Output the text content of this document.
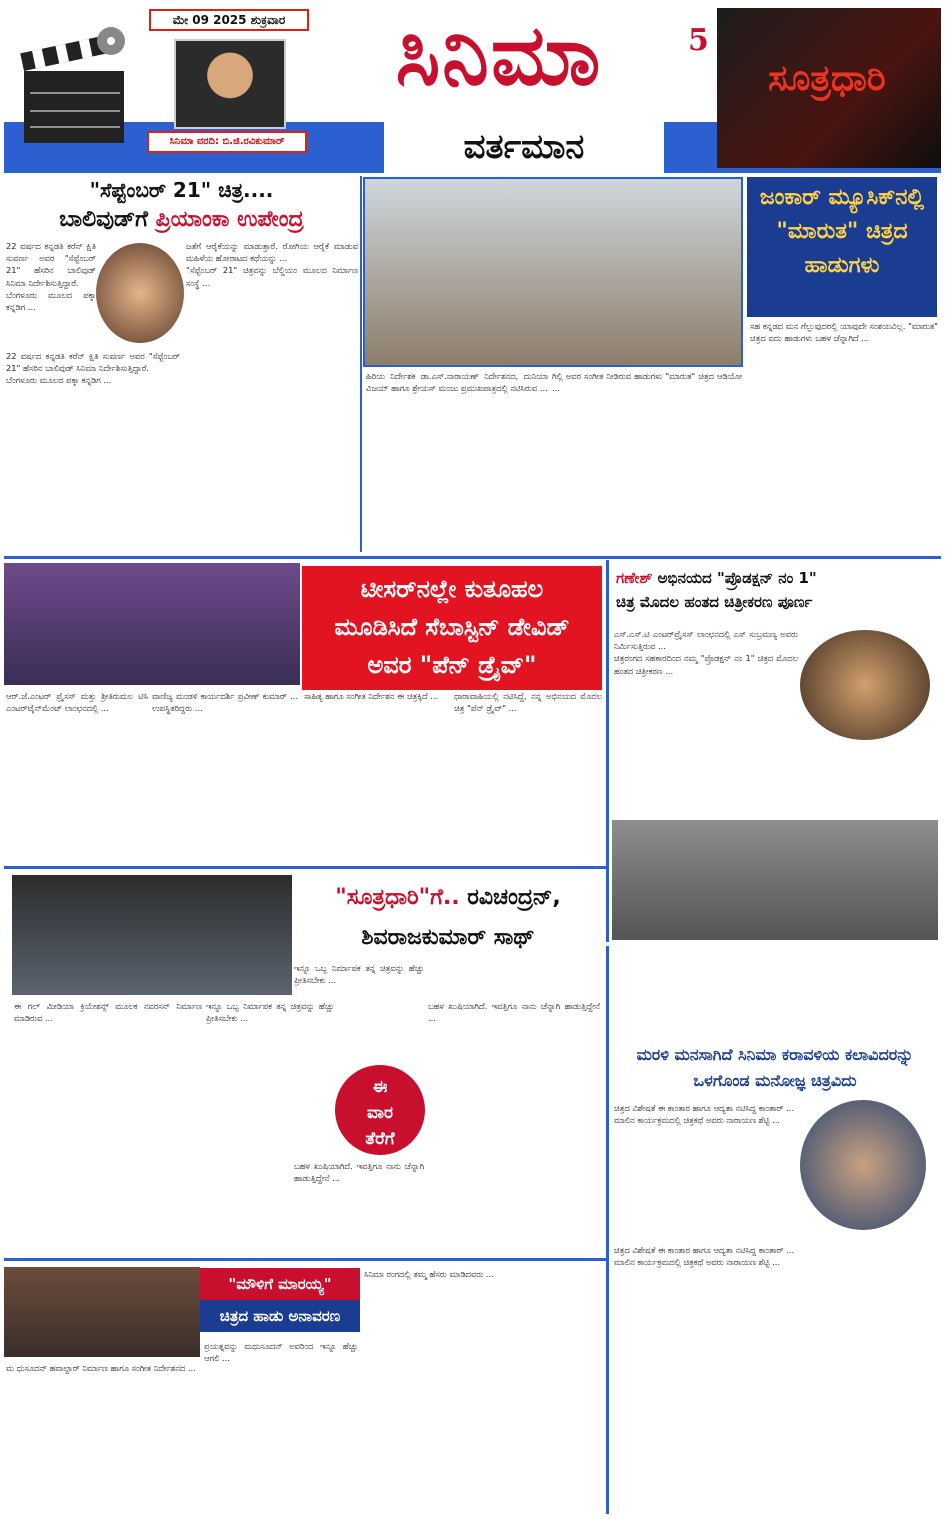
ಮೇ 09 2025 ಶುಕ್ರವಾರ
ಸಿನಿಮಾ ವರದಿ: ಬಿ.ಜಿ.ರವಿಕುಮಾರ್
ಸಿನಿಮಾ	5
ವರ್ತಮಾನ
ಸೂತ್ರಧಾರಿ
"ಸೆಪ್ಟೆಂಬರ್ 21" ಚಿತ್ರ....
ಬಾಲಿವುಡ್‌ಗೆ ಪ್ರಿಯಾಂಕಾ ಉಪೇಂದ್ರ
22 ವರ್ಷದ ಕನ್ನಡತಿ ಕರೆನ್ ಕ್ಷಿತಿ ಸುವರ್ಣ ಅವರ "ಸೆಪ್ಟೆಂಬರ್ 21" ಹೆಸರಿನ ಬಾಲಿವುಡ್ ಸಿನಿಮಾ ನಿರ್ದೇಶಿಸುತ್ತಿದ್ದಾರೆ.
ಬೆಂಗಳೂರು ಮೂಲದ ಪಕ್ಕಾ ಕನ್ನಡಿಗ ...
22 ವರ್ಷದ ಕನ್ನಡತಿ ಕರೆನ್ ಕ್ಷಿತಿ ಸುವರ್ಣ ಅವರ "ಸೆಪ್ಟೆಂಬರ್ 21" ಹೆಸರಿನ ಬಾಲಿವುಡ್ ಸಿನಿಮಾ ನಿರ್ದೇಶಿಸುತ್ತಿದ್ದಾರೆ.
ಬೆಂಗಳೂರು ಮೂಲದ ಪಕ್ಕಾ ಕನ್ನಡಿಗ ...
ಜತೆಗೆ ಆರೈಕೆಯನ್ನು ಮಾಡುತ್ತಾರೆ. ರೋಗಿಯ ಆರೈಕೆ ಮಾಡುವ ಮಹಿಳೆಯ ಹೋರಾಟದ ಕಥೆಯನ್ನು ...
"ಸೆಪ್ಟೆಂಬರ್ 21" ಚಿತ್ರವನ್ನು ಬೆಲ್ಜಿಯಂ ಮೂಲದ ನಿರ್ಮಾಣ ಸಂಸ್ಥೆ ...
ಜಂಕಾರ್ ಮ್ಯೂಸಿಕ್‌ನಲ್ಲಿ "ಮಾರುತ" ಚಿತ್ರದ ಹಾಡುಗಳು
ಹಿರಿಯ ನಿರ್ದೇಶಕ ಡಾ.ಎಸ್.ನಾರಾಯಣ್ ನಿರ್ದೇಶನದ, ದುನಿಯಾ ವಿಜಯ್ ಹಾಗೂ ಶ್ರೇಯಸ್ ಮಂಜು ಪ್ರಮುಖಪಾತ್ರದಲ್ಲಿ ನಟಿಸಿರುವ ...
ಗಿಲ್ಲಿ ಅವರ ಸಂಗೀತ ನೀಡಿರುವ ಹಾಡುಗಳು "ಮಾರುತ" ಚಿತ್ರದ ಆಡಿಯೋ ...
ಸಹ ಕನ್ನಡದ ಮನ ಗೆಲ್ಲುವುದರಲ್ಲಿ ಯಾವುದೇ ಸಂಶಯವಿಲ್ಲ. "ಮಾರುತ" ಚಿತ್ರದ ಐದು ಹಾಡುಗಳು ಬಹಳ ಚೆನ್ನಾಗಿದೆ ...
ಟೀಸರ್‌ನಲ್ಲೇ ಕುತೂಹಲ
ಮೂಡಿಸಿದೆ ಸೆಬಾಸ್ಟಿನ್ ಡೇವಿಡ್
ಅವರ "ಪೆನ್ ಡ್ರೈವ್"
ಆರ್.ಜೆ.ಎಂಟರ್ ಪ್ರೈಸಸ್ ಮತ್ತು ಶ್ರೀತಿರುಮಲ ಟಿಸಿ ಎಂಟರ್‌ಟೈನ್‌ಮೆಂಟ್ ಲಾಂಛನದಲ್ಲಿ ...
ವಾಣಿಜ್ಯ ಮಂಡಳಿ ಕಾರ್ಯದರ್ಶಿ ಪ್ರವೀಣ್ ಕುಮಾರ್ ... ಉಪಸ್ಥಿತರಿದ್ದರು ...
ಸಾಹಿತ್ಯ ಹಾಗೂ ಸಂಗೀತ ನಿರ್ದೇಶನ ಈ ಚಿತ್ರಕ್ಕಿದೆ ...	ಧಾರಾವಾಹಿಯಲ್ಲಿ ನಟಿಸಿದ್ದೆ, ನನ್ನ ಅಭಿನಯದ ಮೊದಲ ಚಿತ್ರ "ಪೆನ್ ಡ್ರೈವ್" ...
ಗಣೇಶ್ ಅಭಿನಯದ "ಪ್ರೊಡಕ್ಷನ್ ನಂ 1"
ಚಿತ್ರ ಮೊದಲ ಹಂತದ ಚಿತ್ರೀಕರಣ ಪೂರ್ಣ
ಎಸ್.ಎಸ್.ಟಿ ಎಂಟರ್‌ಪ್ರೈಸಸ್ ಲಾಂಛನದಲ್ಲಿ ಎಸ್ ಸುಬ್ರಮಣ್ಯ ಅವರು ನಿರ್ಮಿಸುತ್ತಿರುವ ...
ಚಿತ್ರರಂಗದ ಸಹಕಾರದಿಂದ ನಮ್ಮ "ಪ್ರೊಡಕ್ಷನ್ ನಂ 1" ಚಿತ್ರದ ಮೊದಲ ಹಂತದ ಚಿತ್ರೀಕರಣ ...
"ಸೂತ್ರಧಾರಿ"ಗೆ.. ರವಿಚಂದ್ರನ್,
ಶಿವರಾಜಕುಮಾರ್ ಸಾಥ್
ಈ ಗಲ್ ಮೀಡಿಯಾ ಕ್ರಿಯೇಶನ್ಸ್ ಮೂಲಕ ನವರಸನ್ ನಿರ್ಮಾಣ ಮಾಡಿರುವ ...
ಇನ್ನೂ ಒಬ್ಬ ನಿರ್ಮಾಪಕ ತನ್ನ ಚಿತ್ರವನ್ನು ಹೆಚ್ಚು ಪ್ರೀತಿಸಬೇಕು ...
ಬಹಳ ಖುಷಿಯಾಗಿದೆ. ಇವತ್ತಿಗೂ ನಾನು ಚೆನ್ನಾಗಿ ಹಾಡುತ್ತಿದ್ದೇನೆ ...
ಇನ್ನೂ ಒಬ್ಬ ನಿರ್ಮಾಪಕ ತನ್ನ ಚಿತ್ರವನ್ನು ಹೆಚ್ಚು ಪ್ರೀತಿಸಬೇಕು ...
ಬಹಳ ಖುಷಿಯಾಗಿದೆ. ಇವತ್ತಿಗೂ ನಾನು ಚೆನ್ನಾಗಿ ಹಾಡುತ್ತಿದ್ದೇನೆ ...
ಈ
ವಾರ
ತೆರೆಗೆ
ಮರಳಿ ಮನಸಾಗಿದೆ ಸಿನಿಮಾ ಕರಾವಳಿಯ ಕಲಾವಿದರನ್ನು ಒಳಗೊಂಡ ಮನೋಜ್ಞ ಚಿತ್ರವಿದು
ಚಿತ್ರದ ವಿಶೇಷತೆ ಈ ಕಾಂತಾರ ಹಾಗೂ ಆದ್ಯತಾ ನಟಿಸಿದ್ದ ಕಾಂತಾರ್ ...
ಮಾಲಿನ ಕಾರ್ಯಕ್ರಮದಲ್ಲಿ ಚಿತ್ರಕಥೆ ಅವರು ನಾರಾಯಣ ಶೆಟ್ಟಿ ...
ಚಿತ್ರದ ವಿಶೇಷತೆ ಈ ಕಾಂತಾರ ಹಾಗೂ ಆದ್ಯತಾ ನಟಿಸಿದ್ದ ಕಾಂತಾರ್ ...
ಮಾಲಿನ ಕಾರ್ಯಕ್ರಮದಲ್ಲಿ ಚಿತ್ರಕಥೆ ಅವರು ನಾರಾಯಣ ಶೆಟ್ಟಿ ...
"ಮೌಳಿಗೆ ಮಾರಯ್ಯ"
ಚಿತ್ರದ ಹಾಡು ಅನಾವರಣ
ಮ ಧುಸೂದನ್ ಹವಾಲ್ದಾರ್ ನಿರ್ಮಾಣ ಹಾಗೂ ಸಂಗೀತ ನಿರ್ದೇಶನದ ...
ಪ್ರಯತ್ನವನ್ನು ಮಧುಸೂದನ್ ಅವರಿಂದ ಇನ್ನೂ ಹೆಚ್ಚು ಆಗಲಿ ...
ಸಿನಿಮಾ ರಂಗದಲ್ಲಿ ತಮ್ಮ ಹೆಸರು ಮಾಡಿದವರು ...
